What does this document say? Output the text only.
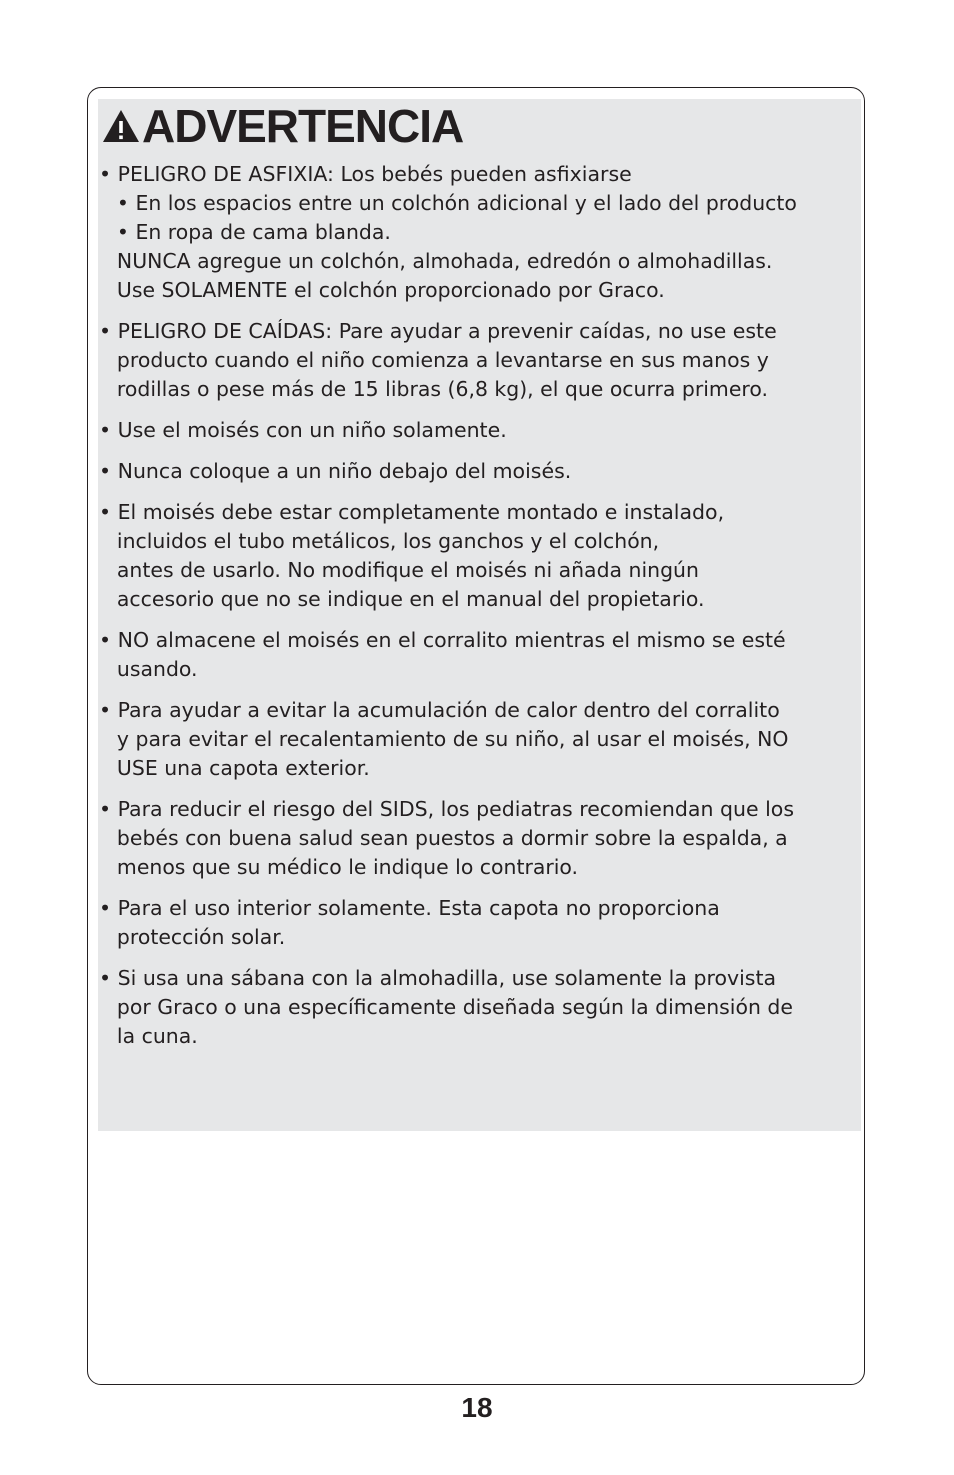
ADVERTENCIA
• PELIGRO DE ASFIXIA: Los bebés pueden asfixiarse
• En los espacios entre un colchón adicional y el lado del producto
• En ropa de cama blanda.
NUNCA agregue un colchón, almohada, edredón o almohadillas.
Use SOLAMENTE el colchón proporcionado por Graco.
• PELIGRO DE CAÍDAS: Pare ayudar a prevenir caídas, no use este
producto cuando el niño comienza a levantarse en sus manos y
rodillas o pese más de 15 libras (6,8 kg), el que ocurra primero.
• Use el moisés con un niño solamente.
• Nunca coloque a un niño debajo del moisés.
• El moisés debe estar completamente montado e instalado,
incluidos el tubo metálicos, los ganchos y el colchón,
antes de usarlo. No modifique el moisés ni añada ningún
accesorio que no se indique en el manual del propietario.
• NO almacene el moisés en el corralito mientras el mismo se esté
usando.
• Para ayudar a evitar la acumulación de calor dentro del corralito
y para evitar el recalentamiento de su niño, al usar el moisés, NO
USE una capota exterior.
• Para reducir el riesgo del SIDS, los pediatras recomiendan que los
bebés con buena salud sean puestos a dormir sobre la espalda, a
menos que su médico le indique lo contrario.
• Para el uso interior solamente. Esta capota no proporciona
protección solar.
• Si usa una sábana con la almohadilla, use solamente la provista
por Graco o una específicamente diseñada según la dimensión de
la cuna.
18
